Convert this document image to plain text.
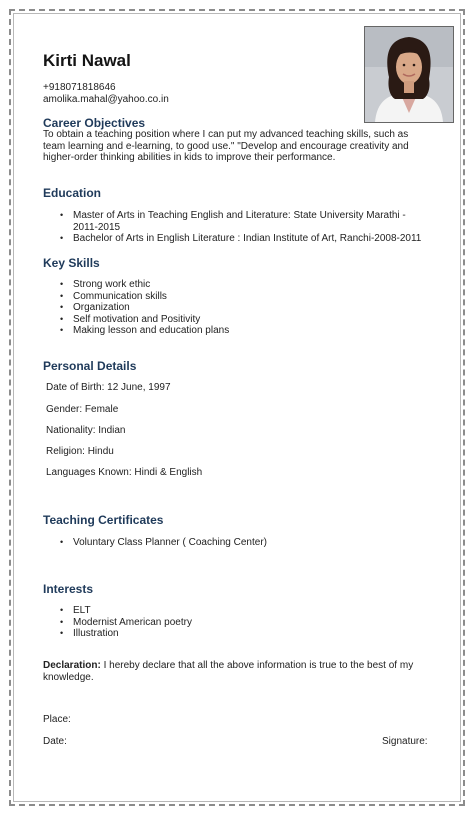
Kirti Nawal
+918071818646
amolika.mahal@yahoo.co.in
Career Objectives
To obtain a teaching position where I can put my advanced teaching skills, such as
team learning and e-learning, to good use." "Develop and encourage creativity and
higher-order thinking abilities in kids to improve their performance.
Education
• Master of Arts in Teaching English and Literature: State University Marathi -
2011-2015
• Bachelor of Arts in English Literature : Indian Institute of Art, Ranchi-2008-2011
Key Skills
• Strong work ethic
• Communication skills
• Organization
• Self motivation and Positivity
• Making lesson and education plans
Personal Details
Date of Birth: 12 June, 1997
Gender: Female
Nationality: Indian
Religion: Hindu
Languages Known: Hindi & English
Teaching Certificates
• Voluntary Class Planner ( Coaching Center)
Interests
• ELT
• Modernist American poetry
• Illustration
Declaration: I hereby declare that all the above information is true to the best of my
knowledge.
Place:
Date:	Signature:
